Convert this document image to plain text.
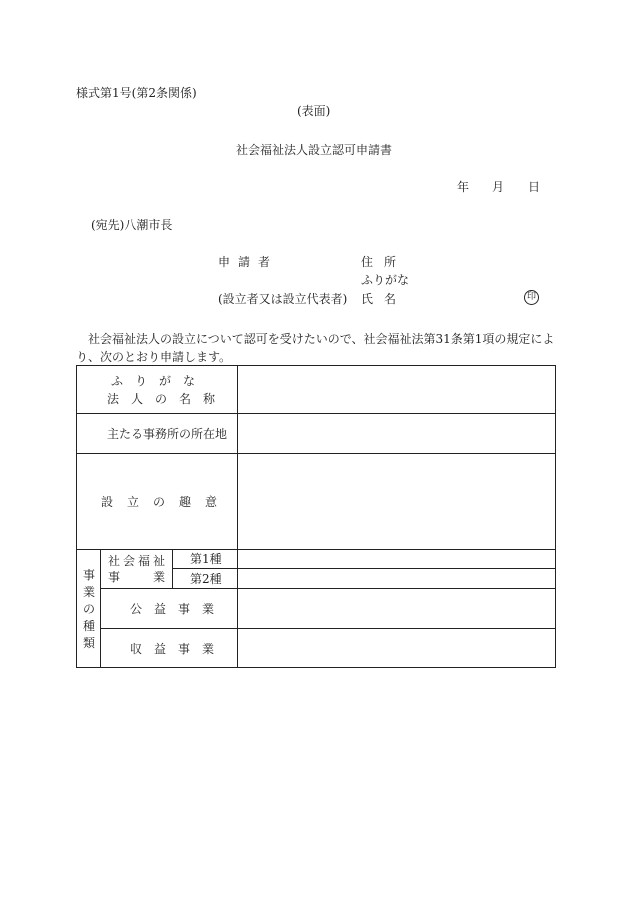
様式第1号(第2条関係)
(表面)
社会福祉法人設立認可申請書
年 月 日
(宛先)八潮市長
申請者
(設立者又は設立代表者)
住所
ふりがな
氏名	印
社会福祉法人の設立について認可を受けたいので、社会福祉法第31条第1項の規定により、次のとおり申請します。
ふりがな
法人の名称
主たる事務所の所在地
設立の趣意
事業の種類
社会福祉
事業
第1種
第2種
公益事業
収益事業
